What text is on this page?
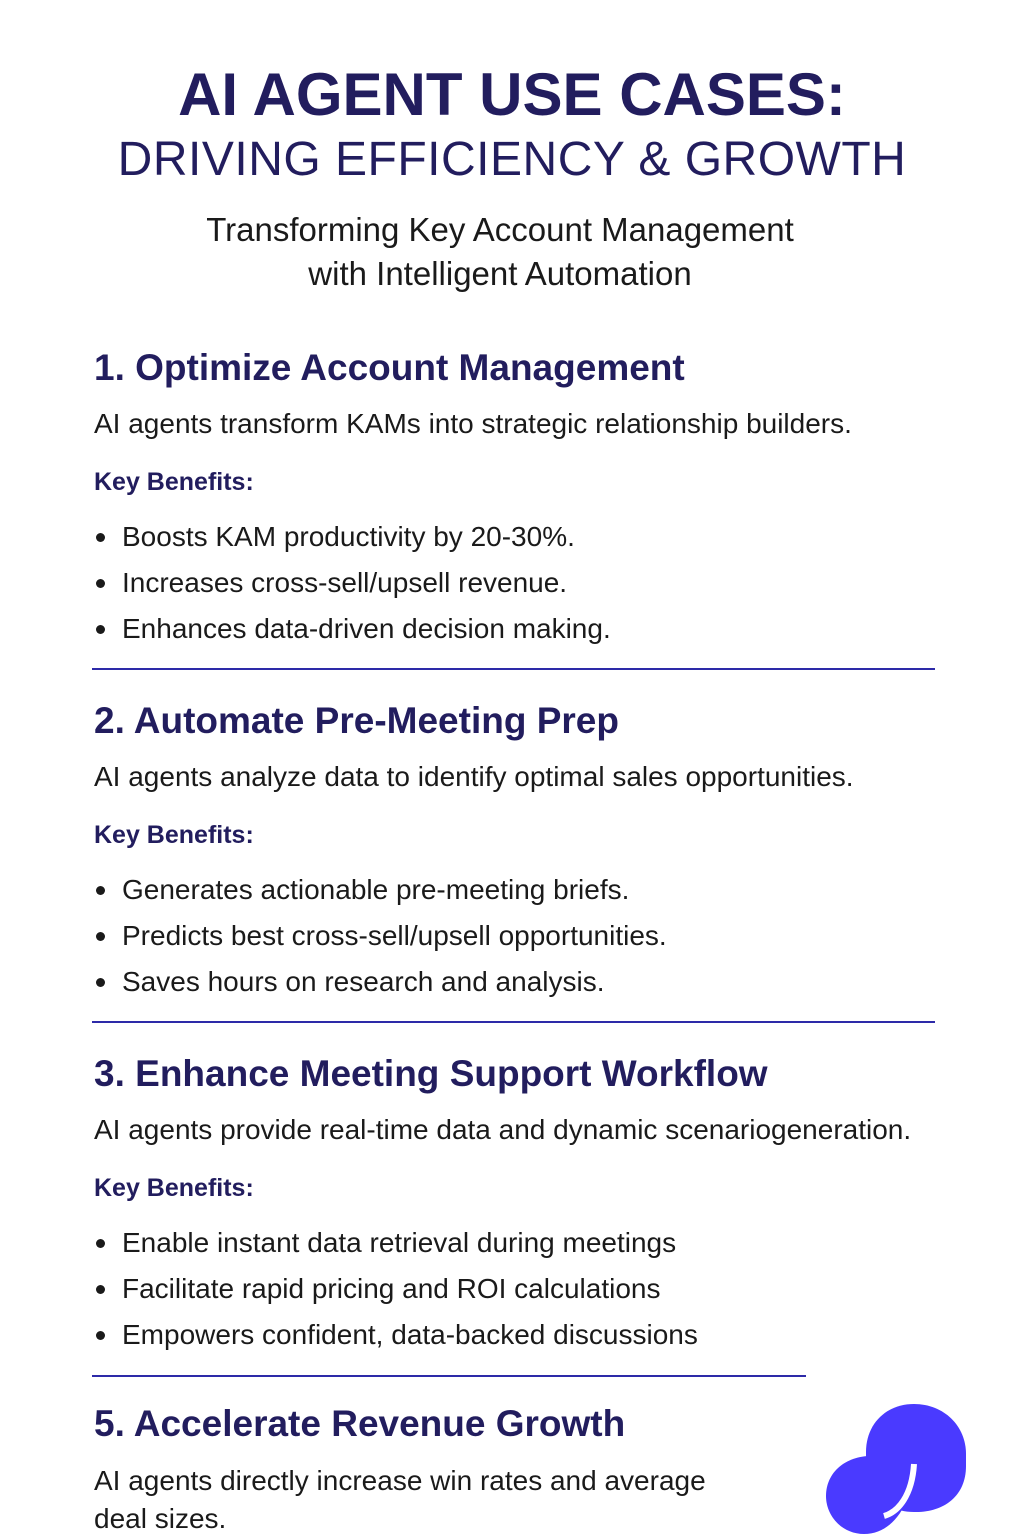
AI AGENT USE CASES:
DRIVING EFFICIENCY & GROWTH
Transforming Key Account Management
with Intelligent Automation
1. Optimize Account Management
AI agents transform KAMs into strategic relationship builders.
Key Benefits:
Boosts KAM productivity by 20-30%.
Increases cross-sell/upsell revenue.
Enhances data-driven decision making.
2. Automate Pre-Meeting Prep
AI agents analyze data to identify optimal sales opportunities.
Key Benefits:
Generates actionable pre-meeting briefs.
Predicts best cross-sell/upsell opportunities.
Saves hours on research and analysis.
3. Enhance Meeting Support Workflow
AI agents provide real-time data and dynamic scenariogeneration.
Key Benefits:
Enable instant data retrieval during meetings
Facilitate rapid pricing and ROI calculations
Empowers confident, data-backed discussions
5. Accelerate Revenue Growth
AI agents directly increase win rates and average
deal sizes.
